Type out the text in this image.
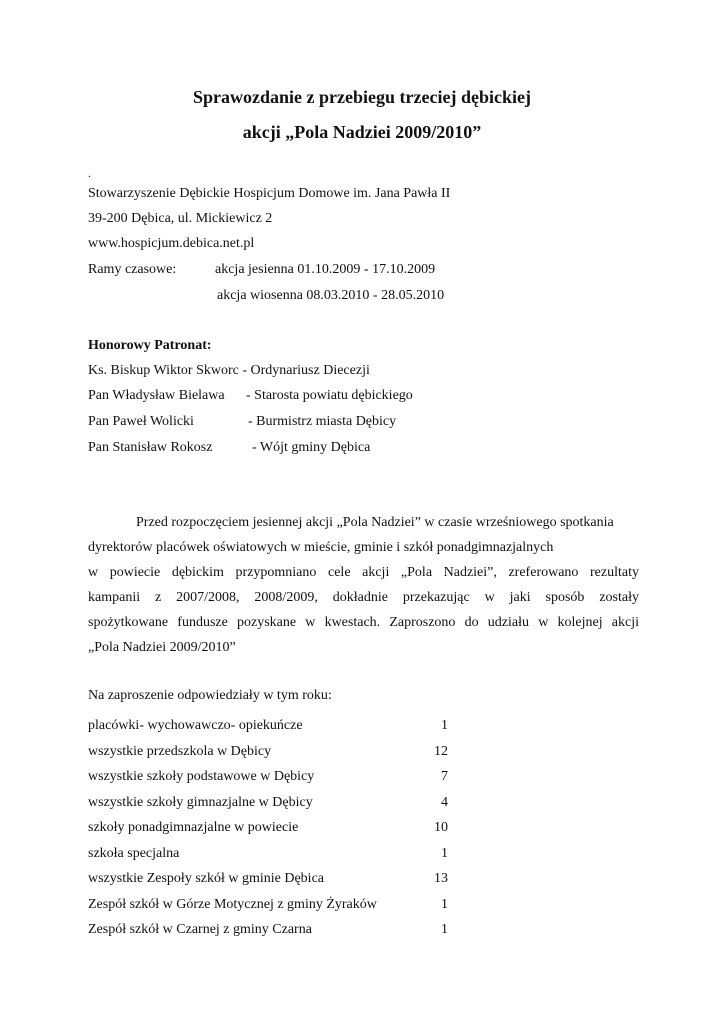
Sprawozdanie z przebiegu trzeciej dębickiej
akcji „Pola Nadziei 2009/2010”
.
Stowarzyszenie Dębickie Hospicjum Domowe im. Jana Pawła II
39-200 Dębica, ul. Mickiewicz 2
www.hospicjum.debica.net.pl
Ramy czasowe:	akcja jesienna 01.10.2009 - 17.10.2009
akcja wiosenna 08.03.2010 - 28.05.2010
Honorowy Patronat:
Ks. Biskup Wiktor Skworc - Ordynariusz Diecezji
Pan Władysław Bielawa - Starosta powiatu dębickiego
Pan Paweł Wolicki	- Burmistrz miasta Dębicy
Pan Stanisław Rokosz	- Wójt gminy Dębica
Przed rozpoczęciem jesiennej akcji „Pola Nadziei” w czasie wrześniowego spotkania
dyrektorów placówek oświatowych w mieście, gminie i szkół ponadgimnazjalnych
w powiecie dębickim przypomniano cele akcji „Pola Nadziei”, zreferowano rezultaty
kampanii z 2007/2008, 2008/2009, dokładnie przekazując w jaki sposób zostały
spożytkowane fundusze pozyskane w kwestach. Zaproszono do udziału w kolejnej akcji
„Pola Nadziei 2009/2010”
Na zaproszenie odpowiedziały w tym roku:
placówki- wychowawczo- opiekuńcze	1
wszystkie przedszkola w Dębicy	12
wszystkie szkoły podstawowe w Dębicy	7
wszystkie szkoły gimnazjalne w Dębicy	4
szkoły ponadgimnazjalne w powiecie	10
szkoła specjalna	1
wszystkie Zespoły szkół w gminie Dębica	13
Zespół szkół w Górze Motycznej z gminy Żyraków	1
Zespół szkół w Czarnej z gminy Czarna	1
